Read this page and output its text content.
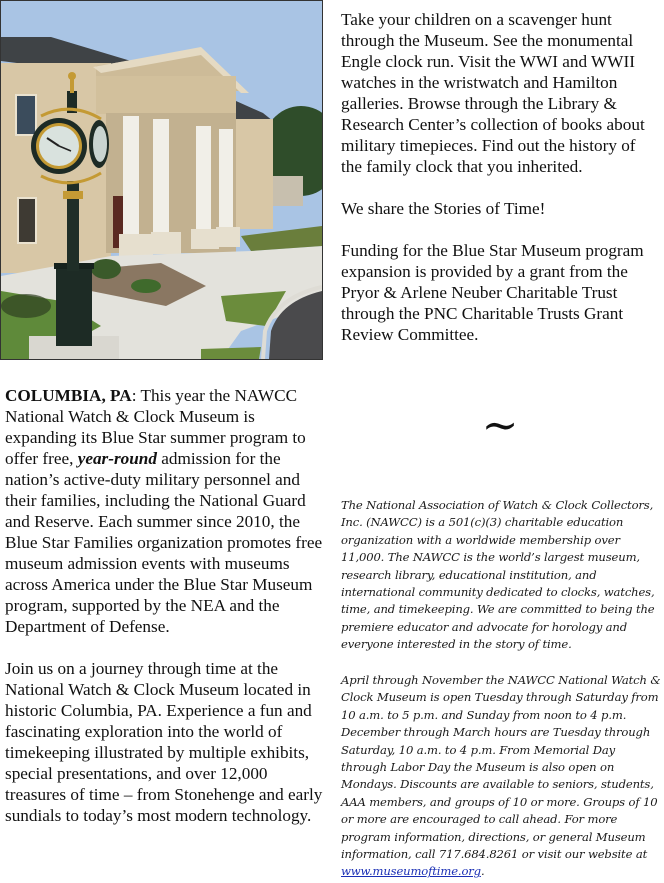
Take your children on a scavenger hunt through the Museum. See the monumental Engle clock run. Visit the WWI and WWII watches in the wristwatch and Hamilton galleries. Browse through the Library & Research Center’s collection of books about military timepieces. Find out the history of the family clock that you inherited.

We share the Stories of Time!

Funding for the Blue Star Museum program expansion is provided by a grant from the Pryor & Arlene Neuber Charitable Trust through the PNC Charitable Trusts Grant Review Committee.

COLUMBIA, PA: This year the NAWCC National Watch & Clock Museum is expanding its Blue Star summer program to offer free, year-round admission for the nation’s active-duty military personnel and their families, including the National Guard and Reserve. Each summer since 2010, the Blue Star Families organization promotes free museum admission events with museums across America under the Blue Star Museum program, supported by the NEA and the Department of Defense.

Join us on a journey through time at the National Watch & Clock Museum located in historic Columbia, PA. Experience a fun and fascinating exploration into the world of timekeeping illustrated by multiple exhibits, special presentations, and over 12,000 treasures of time – from Stonehenge and early sundials to today’s most modern technology.

~
The National Association of Watch & Clock Collectors, Inc. (NAWCC) is a 501(c)(3) charitable education organization with a worldwide membership over 11,000. The NAWCC is the world’s largest museum, research library, educational institution, and international community dedicated to clocks, watches, time, and timekeeping. We are committed to being the premiere educator and advocate for horology and everyone interested in the story of time.
April through November the NAWCC National Watch & Clock Museum is open Tuesday through Saturday from 10 a.m. to 5 p.m. and Sunday from noon to 4 p.m. December through March hours are Tuesday through Saturday, 10 a.m. to 4 p.m. From Memorial Day through Labor Day the Museum is also open on Mondays. Discounts are available to seniors, students, AAA members, and groups of 10 or more. Groups of 10 or more are encouraged to call ahead. For more program information, directions, or general Museum information, call 717.684.8261 or visit our website at www.museumoftime.org.
